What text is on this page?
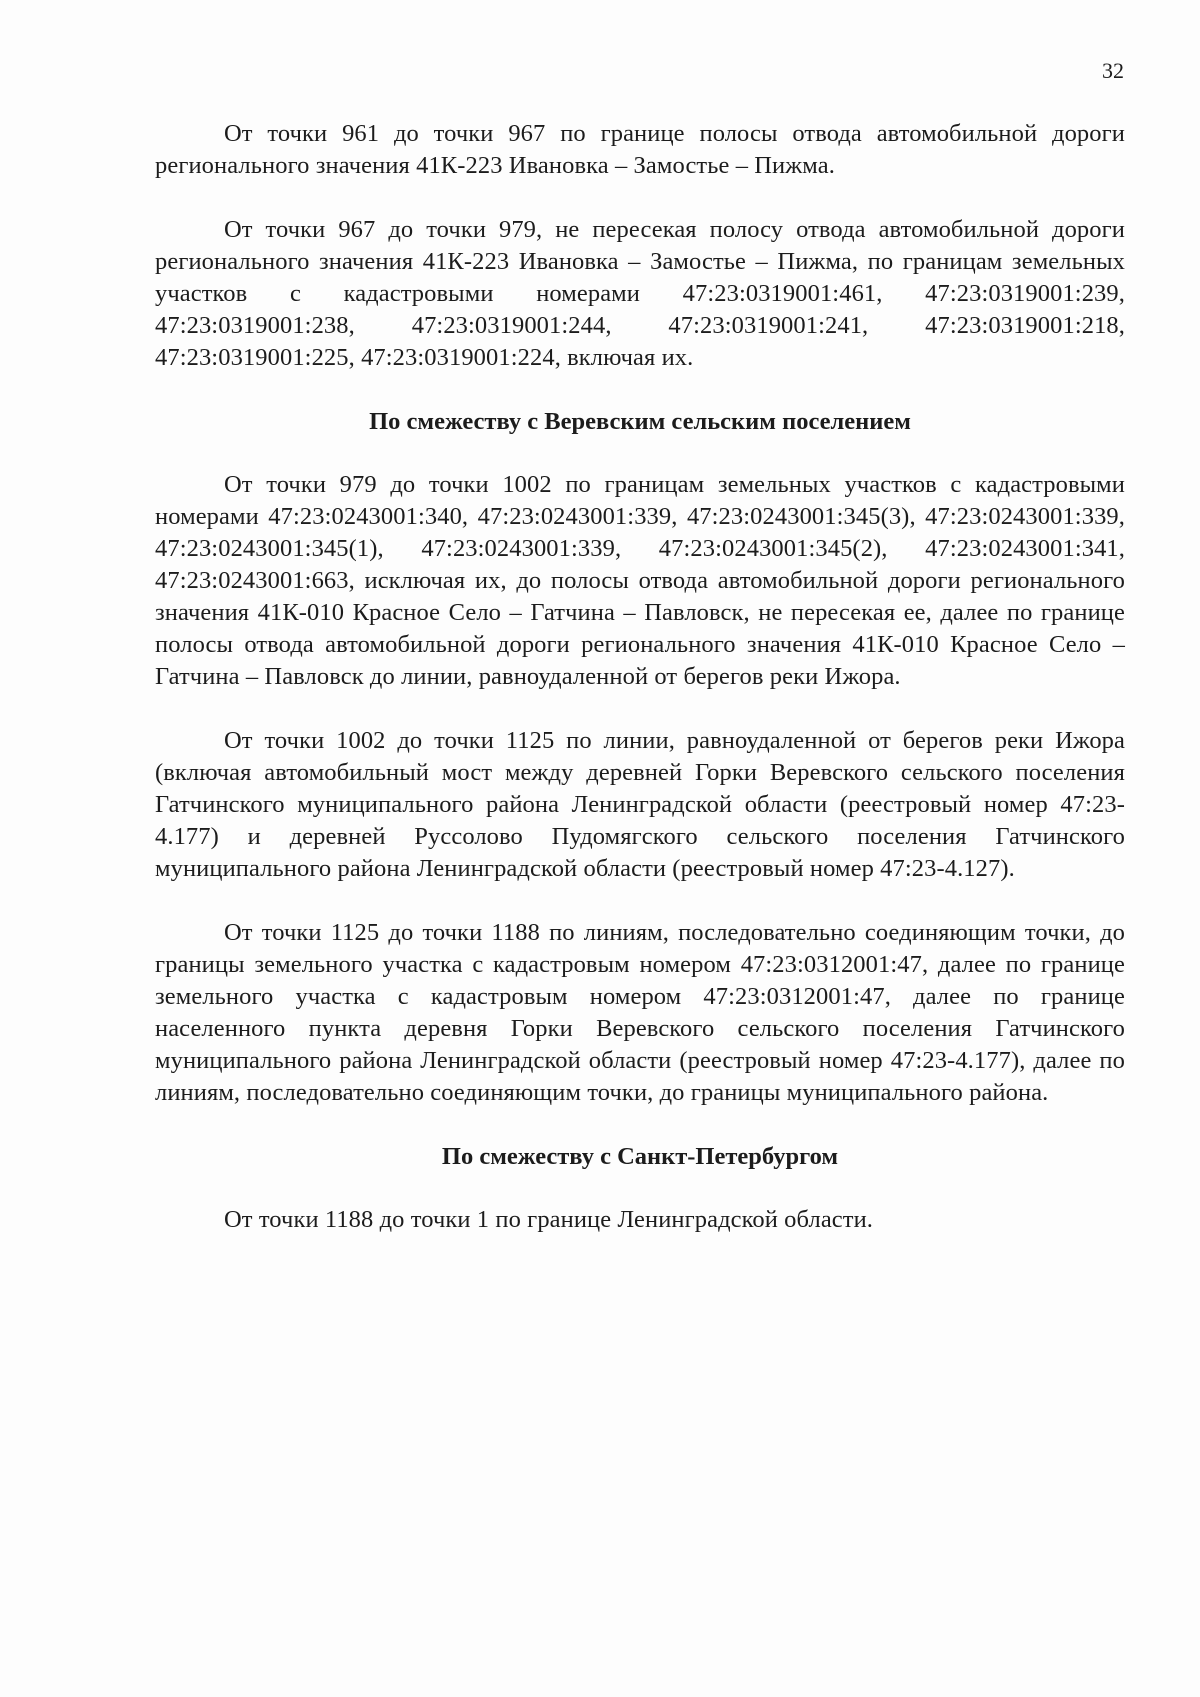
32

От точки 961 до точки 967 по границе полосы отвода автомобильной дороги регионального значения 41К-223 Ивановка – Замостье – Пижма.

От точки 967 до точки 979, не пересекая полосу отвода автомобильной дороги регионального значения 41К-223 Ивановка – Замостье – Пижма, по границам земельных участков с кадастровыми номерами 47:23:0319001:461, 47:23:0319001:239, 47:23:0319001:238, 47:23:0319001:244, 47:23:0319001:241, 47:23:0319001:218, 47:23:0319001:225, 47:23:0319001:224, включая их.

По смежеству с Веревским сельским поселением

От точки 979 до точки 1002 по границам земельных участков с кадастровыми номерами 47:23:0243001:340, 47:23:0243001:339, 47:23:0243001:345(3), 47:23:0243001:339, 47:23:0243001:345(1), 47:23:0243001:339, 47:23:0243001:345(2), 47:23:0243001:341, 47:23:0243001:663, исключая их, до полосы отвода автомобильной дороги регионального значения 41К-010 Красное Село – Гатчина – Павловск, не пересекая ее, далее по границе полосы отвода автомобильной дороги регионального значения 41К-010 Красное Село – Гатчина – Павловск до линии, равноудаленной от берегов реки Ижора.

От точки 1002 до точки 1125 по линии, равноудаленной от берегов реки Ижора (включая автомобильный мост между деревней Горки Веревского сельского поселения Гатчинского муниципального района Ленинградской области (реестровый номер 47:23-4.177) и деревней Руссолово Пудомягского сельского поселения Гатчинского муниципального района Ленинградской области (реестровый номер 47:23-4.127).

От точки 1125 до точки 1188 по линиям, последовательно соединяющим точки, до границы земельного участка с кадастровым номером 47:23:0312001:47, далее по границе земельного участка с кадастровым номером 47:23:0312001:47, далее по границе населенного пункта деревня Горки Веревского сельского поселения Гатчинского муниципального района Ленинградской области (реестровый номер 47:23-4.177), далее по линиям, последовательно соединяющим точки, до границы муниципального района.

По смежеству с Санкт-Петербургом

От точки 1188 до точки 1 по границе Ленинградской области.
